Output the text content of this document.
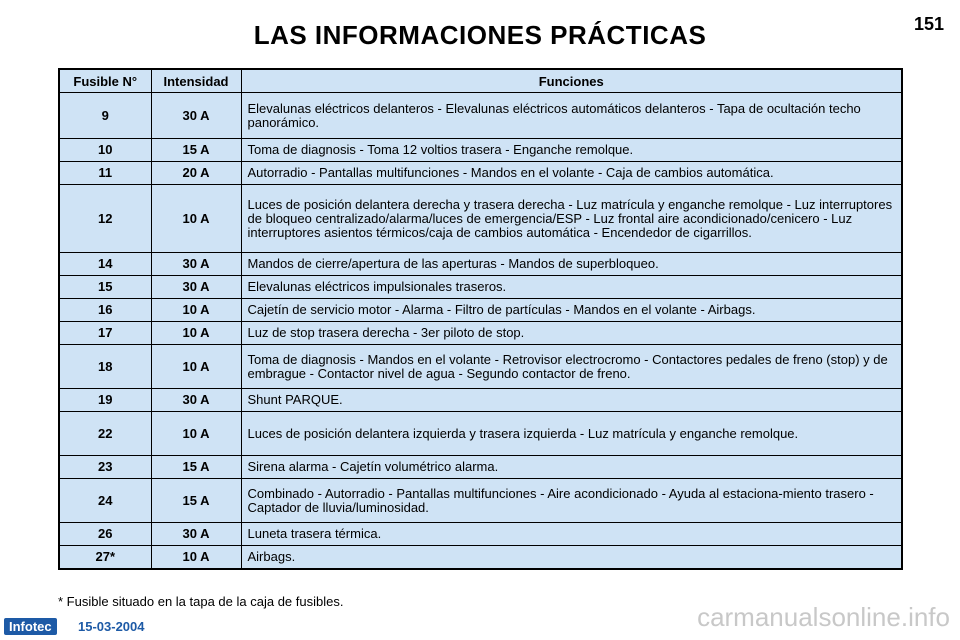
LAS INFORMACIONES PRÁCTICAS	151
Fusible N°	Intensidad	Funciones
9	30 A	Elevalunas eléctricos delanteros - Elevalunas eléctricos automáticos delanteros - Tapa de ocultación techo panorámico.
10	15 A	Toma de diagnosis - Toma 12 voltios trasera - Enganche remolque.
11	20 A	Autorradio - Pantallas multifunciones - Mandos en el volante - Caja de cambios automática.
12	10 A	Luces de posición delantera derecha y trasera derecha - Luz matrícula y enganche remolque - Luz interruptores de bloqueo centralizado/alarma/luces de emergencia/ESP - Luz frontal aire acondicionado/cenicero - Luz interruptores asientos térmicos/caja de cambios automática - Encendedor de cigarrillos.
14	30 A	Mandos de cierre/apertura de las aperturas - Mandos de superbloqueo.
15	30 A	Elevalunas eléctricos impulsionales traseros.
16	10 A	Cajetín de servicio motor - Alarma - Filtro de partículas - Mandos en el volante - Airbags.
17	10 A	Luz de stop trasera derecha - 3er piloto de stop.
18	10 A	Toma de diagnosis - Mandos en el volante - Retrovisor electrocromo - Contactores pedales de freno (stop) y de embrague - Contactor nivel de agua - Segundo contactor de freno.
19	30 A	Shunt PARQUE.
22	10 A	Luces de posición delantera izquierda y trasera izquierda - Luz matrícula y enganche remolque.
23	15 A	Sirena alarma - Cajetín volumétrico alarma.
24	15 A	Combinado - Autorradio - Pantallas multifunciones - Aire acondicionado - Ayuda al estaciona-miento trasero - Captador de lluvia/luminosidad.
26	30 A	Luneta trasera térmica.
27*	10 A	Airbags.
* Fusible situado en la tapa de la caja de fusibles.
Infotec	15-03-2004	carmanualsonline.info
